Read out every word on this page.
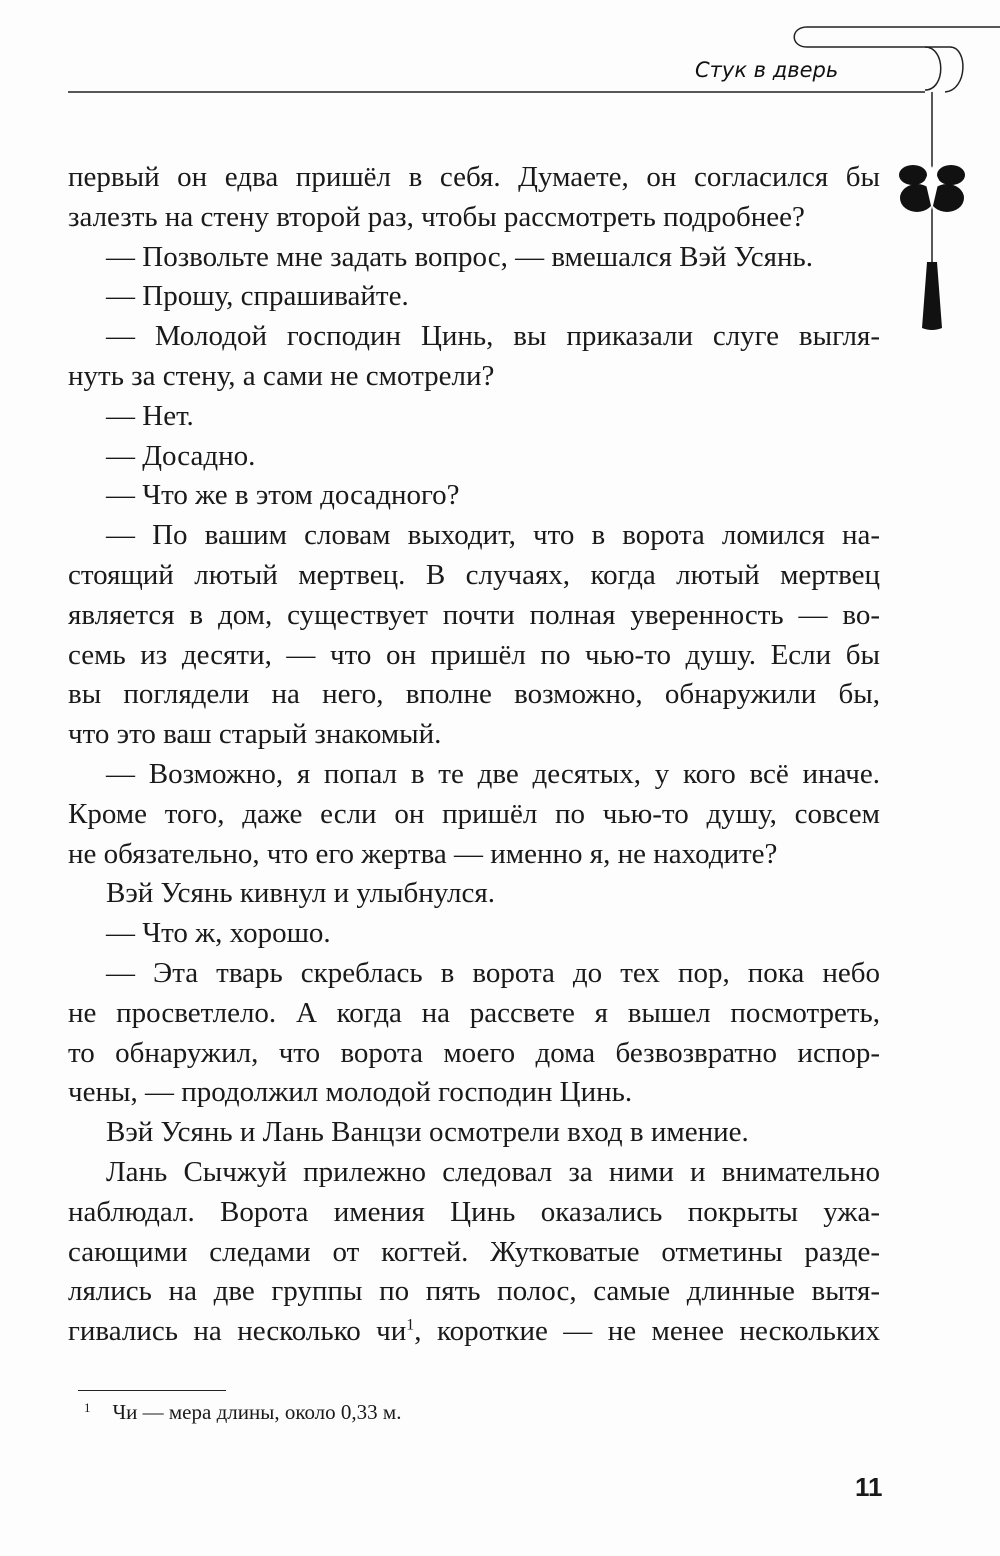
Стук в дверь
первый он едва пришёл в себя. Думаете, он согласился бы
залезть на стену второй раз, чтобы рассмотреть подробнее?
— Позвольте мне задать вопрос, — вмешался Вэй Усянь.
— Прошу, спрашивайте.
— Молодой господин Цинь, вы приказали слуге выгля-
нуть за стену, а сами не смотрели?
— Нет.
— Досадно.
— Что же в этом досадного?
— По вашим словам выходит, что в ворота ломился на-
стоящий лютый мертвец. В случаях, когда лютый мертвец
является в дом, существует почти полная уверенность — во-
семь из десяти, — что он пришёл по чью-то душу. Если бы
вы поглядели на него, вполне возможно, обнаружили бы,
что это ваш старый знакомый.
— Возможно, я попал в те две десятых, у кого всё иначе.
Кроме того, даже если он пришёл по чью-то душу, совсем
не обязательно, что его жертва — именно я, не находите?
Вэй Усянь кивнул и улыбнулся.
— Что ж, хорошо.
— Эта тварь скреблась в ворота до тех пор, пока небо
не просветлело. А когда на рассвете я вышел посмотреть,
то обнаружил, что ворота моего дома безвозвратно испор-
чены, — продолжил молодой господин Цинь.
Вэй Усянь и Лань Ванцзи осмотрели вход в имение.
Лань Сычжуй прилежно следовал за ними и внимательно
наблюдал. Ворота имения Цинь оказались покрыты ужа-
сающими следами от когтей. Жутковатые отметины разде-
лялись на две группы по пять полос, самые длинные вытя-
гивались на несколько $чи^1$, короткие — не менее нескольких
$^1$ Чи — мера длины, около 0,33 м.
11
